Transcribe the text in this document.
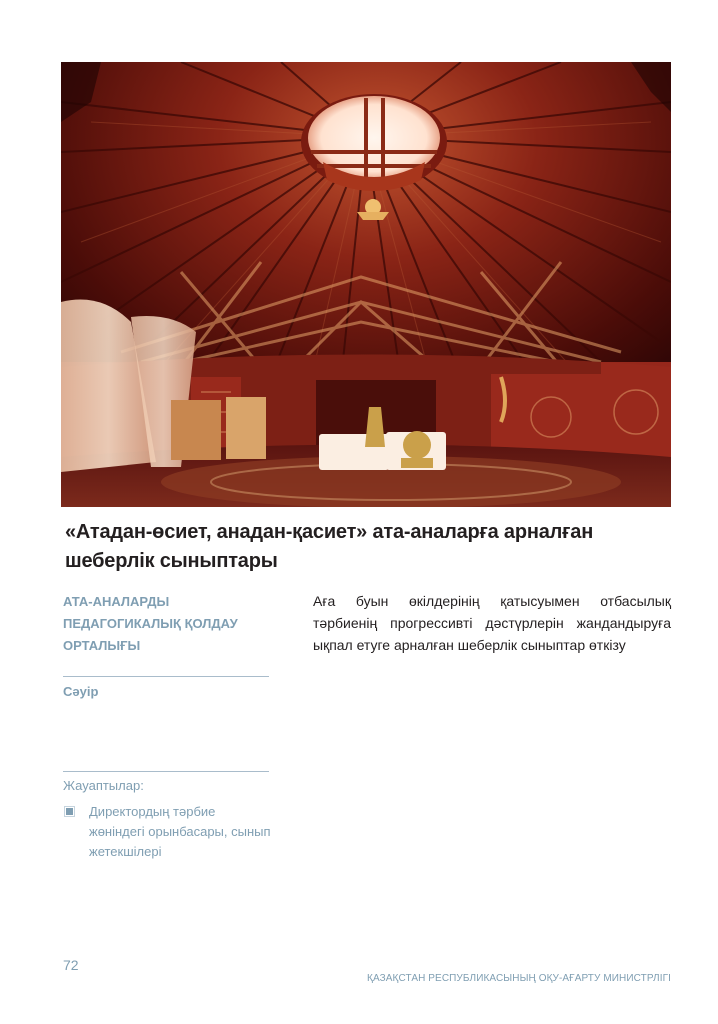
«Атадан-өсиет, анадан-қасиет» ата-аналарға арналған шеберлік сыныптары
АТА-АНАЛАРДЫ ПЕДАГОГИКАЛЫҚ ҚОЛДАУ ОРТАЛЫҒЫ
Сәуір
Жауаптылар:
Директордың тәрбие жөніндегі орынбасары, сынып жетекшілері

Аға буын өкілдерінің қатысуымен отбасылық тәрбиенің прогрессивті дәстүрлерін жандандыруға ықпал етуге арналған шеберлік сыныптар өткізу

72
ҚАЗАҚСТАН РЕСПУБЛИКАСЫНЫҢ ОҚУ-АҒАРТУ МИНИСТРЛІГІ
